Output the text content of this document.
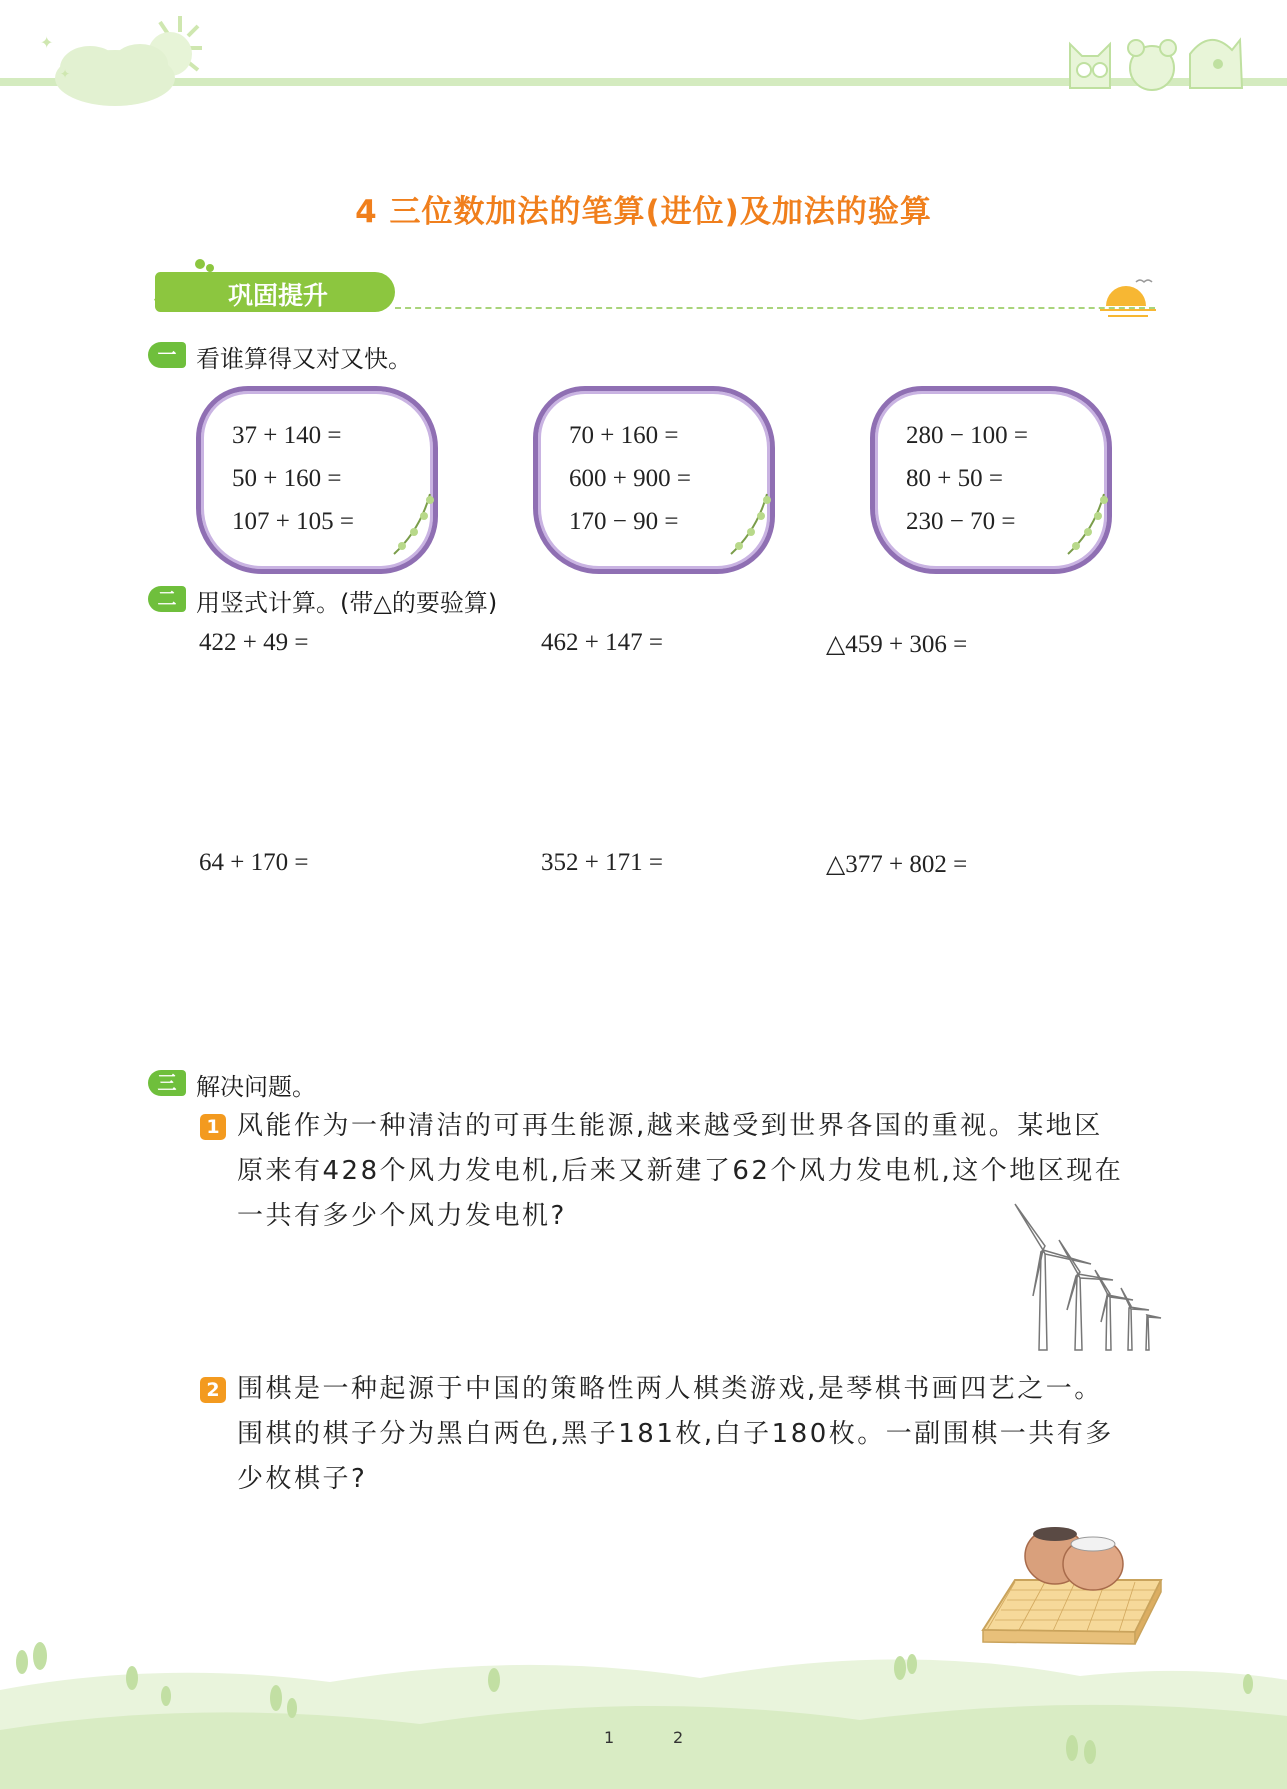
✦
✦
4 三位数加法的笔算(进位)及加法的验算
巩固提升
一 看谁算得又对又快。
37 + 140 =
50 + 160 =
107 + 105 =
70 + 160 =
600 + 900 =
170 − 90 =
280 − 100 =
80 + 50 =
230 − 70 =
二 用竖式计算。(带△的要验算)
422 + 49 =	462 + 147 =	△459 + 306 =
64 + 170 =	352 + 171 =	△377 + 802 =
三 解决问题。
1 风能作为一种清洁的可再生能源,越来越受到世界各国的重视。某地区
原来有428个风力发电机,后来又新建了62个风力发电机,这个地区现在
一共有多少个风力发电机?
2 围棋是一种起源于中国的策略性两人棋类游戏,是琴棋书画四艺之一。
围棋的棋子分为黑白两色,黑子181枚,白子180枚。一副围棋一共有多
少枚棋子?
1	2
